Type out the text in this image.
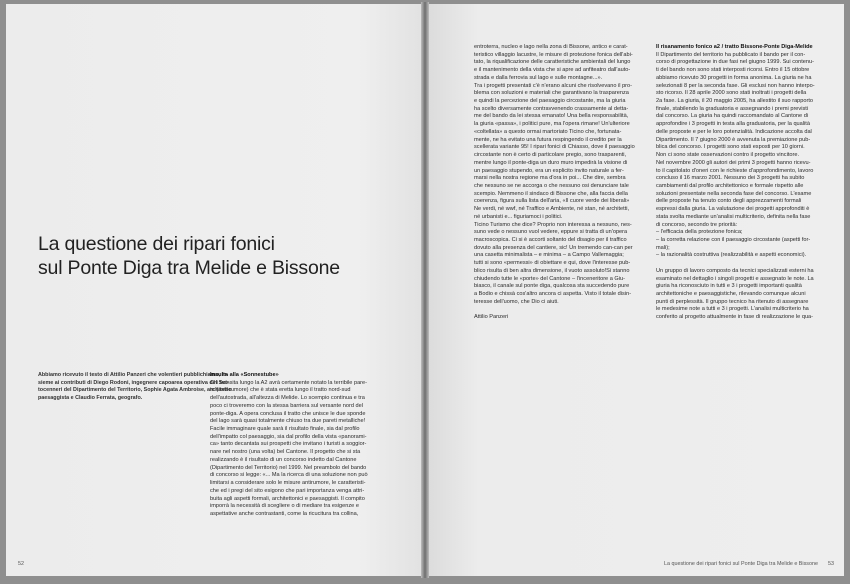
La questione dei ripari fonici
sul Ponte Diga tra Melide e Bissone
Abbiamo ricevuto il testo di Attilio Panzeri che volentieri pubblichiamo, in-
sieme ai contributi di Diego Rodoni, ingegnere capoarea operativa del Set-
tocenneri del Dipartimento del Territorio, Sophie Agata Ambroise, architetto
paesaggista e Claudio Ferrata, geografo.
Insulta alla «Sonnestube»
Chi transita lungo la A2 avrà certamente notato la terribile pare-
te (anti-rumore) che è stata eretta lungo il tratto nord-sud
dell'autostrada, all'altezza di Melide. Lo scempio continua e tra
poco ci troveremo con la stessa barriera sul versante nord del
ponte-diga. A opera conclusa il tratto che unisce le due sponde
del lago sarà quasi totalmente chiuso tra due pareti metalliche!
Facile immaginare quale sarà il risultato finale, sia dal profilo
dell'impatto col paesaggio, sia dal profilo della vista «panorami-
ca» tanto decantata sui prospetti che invitano i turisti a soggior-
nare nel nostro (una volta) bel Cantone. Il progetto che si sta
realizzando è il risultato di un concorso indetto dal Cantone
(Dipartimento del Territorio) nel 1999. Nel preambolo del bando
di concorso si legge: «... Ma la ricerca di una soluzione non può
limitarsi a considerare solo le misure antirumore, le caratteristi-
che ed i pregi del sito esigono che pari importanza venga attri-
buita agli aspetti formali, architettonici e paesaggisti. Il compito
imporrà la necessità di scegliere o di mediare tra esigenze e
aspettative anche contrastanti, come la ricucitura tra collina,
52
entroterra, nucleo e lago nella zona di Bissone, antico e carat-
teristico villaggio lacustre, le misure di protezione fonica dell'abi-
tato, la riqualificazione delle caratteristiche ambientali del lungo
e il mantenimento della vista che si apre ad anfiteatro dall'auto-
strada e dalla ferrovia sul lago e sulle montagne...».
Tra i progetti presentati c'è n'erano alcuni che risolvevano il pro-
blema con soluzioni e materiali che garantivano la trasparenza
e quindi la percezione del paesaggio circostante, ma la giuria
ha scelto diversamente contravvenendo crassamente al detta-
me del bando da lei stessa emanato! Una bella responsabilità,
la giuria «passa», i politici pure, ma l'opera rimane! Un'ulteriore
«coltellata» a questo ormai martoriato Ticino che, fortunata-
mente, ne ha evitato una futura respingendo il credito per la
scellerata variante 95! I ripari fonici di Chiasso, dove il paesaggio
circostante non è certo di particolare pregio, sono trasparenti,
mentre lungo il ponte-diga un duro muro impedirà la visione di
un paesaggio stupendo, era un esplicito invito naturale a fer-
marsi nella nostra regione ma d'ora in poi... Che dire, sembra
che nessuno se ne accorga o che nessuno osi denunciare tale
scempio. Nemmeno il sindaco di Bissone che, alla faccia della
coerenza, figura sulla lista dell'aria, «Il cuore verde dei liberali»
Ne verdi, né wwf, né Traffico e Ambiente, né stan, né architetti,
né urbanisti e... figuriamoci i politici.
Ticino Turismo che dice? Proprio non interessa a nessuno, nes-
suno vede o nessuno vuol vedere, eppure si tratta di un'opera
macroscopica. Ci si è accorti soltanto del disagio per il traffico
dovuto alla presenza del cantiere, sic! Un tremendo can-can per
una casetta minimalista – e minima – a Campo Vallemaggia;
tutti si sono «permessi» di obiettare e qui, dove l'interesse pub-
blico risulta di ben altra dimensione, il vuoto assoluto!Si stanno
chiudendo tutte le «porte» del Cantone – l'inceneritore a Giu-
biasco, il canale sul ponte diga, qualcosa sta succedendo pure
a Bodio e chissà cos'altro ancora ci aspetta. Visto il totale disin-
teresse dell'uomo, che Dio ci aiuti.

Attilio Panzeri
Il risanamento fonico a2 / tratto Bissone-Ponte Diga-Melide
Il Dipartimento del territorio ha pubblicato il bando per il con-
corso di progettazione in due fasi nel giugno 1999. Sui contenu-
ti del bando non sono stati interposti ricorsi. Entro il 15 ottobre
abbiamo ricevuto 30 progetti in forma anonima. La giuria ne ha
selezionati 8 per la seconda fase. Gli esclusi non hanno interpo-
sto ricorso. Il 28 aprile 2000 sono stati inoltrati i progetti della
2a fase. La giuria, il 20 maggio 2005, ha allestito il suo rapporto
finale, stabilendo la graduatoria e assegnando i premi previsti
dal concorso. La giuria ha quindi raccomandato al Cantone di
approfondire i 3 progetti in testa alla graduatoria, per la qualità
delle proposte e per le loro potenzialità. Indicazione accolta dal
Dipartimento. Il 7 giugno 2000 è avvenuta la premiazione pub-
blica del concorso. I progetti sono stati esposti per 10 giorni.
Non ci sono state osservazioni contro il progetto vincitore.
Nel novembre 2000 gli autori dei primi 3 progetti hanno ricevu-
to il capitolato d'oneri con le richieste d'approfondimento, lavoro
concluso il 16 marzo 2001. Nessuno dei 3 progetti ha subito
cambiamenti dal profilo architettonico e formale rispetto alle
soluzioni presentate nella seconda fase del concorso. L'esame
delle proposte ha tenuto conto degli apprezzamenti formali
espressi dalla giuria. La valutazione dei progetti approfonditi è
stata svolta mediante un'analisi multicriterio, definita nella fase
di concorso, secondo tre priorità:
– l'efficacia della protezione fonica;
– la corretta relazione con il paesaggio circostante (aspetti for-
mali);
– la razionalità costruttiva (realizzabilità e aspetti economici).

Un gruppo di lavoro composto da tecnici specializzati esterni ha
esaminato nel dettaglio i singoli progetti e assegnato le note. La
giuria ha riconosciuto in tutti e 3 i progetti importanti qualità
architettoniche e paesaggistiche, rilevando comunque alcuni
punti di perplessità. Il gruppo tecnico ha ritenuto di assegnare
le medesime note a tutti e 3 i progetti. L'analisi multicriterio ha
conferito al progetto attualmente in fase di realizzazione le qua-
La questione dei ripari fonici sul Ponte Diga tra Melide e Bissone 53
